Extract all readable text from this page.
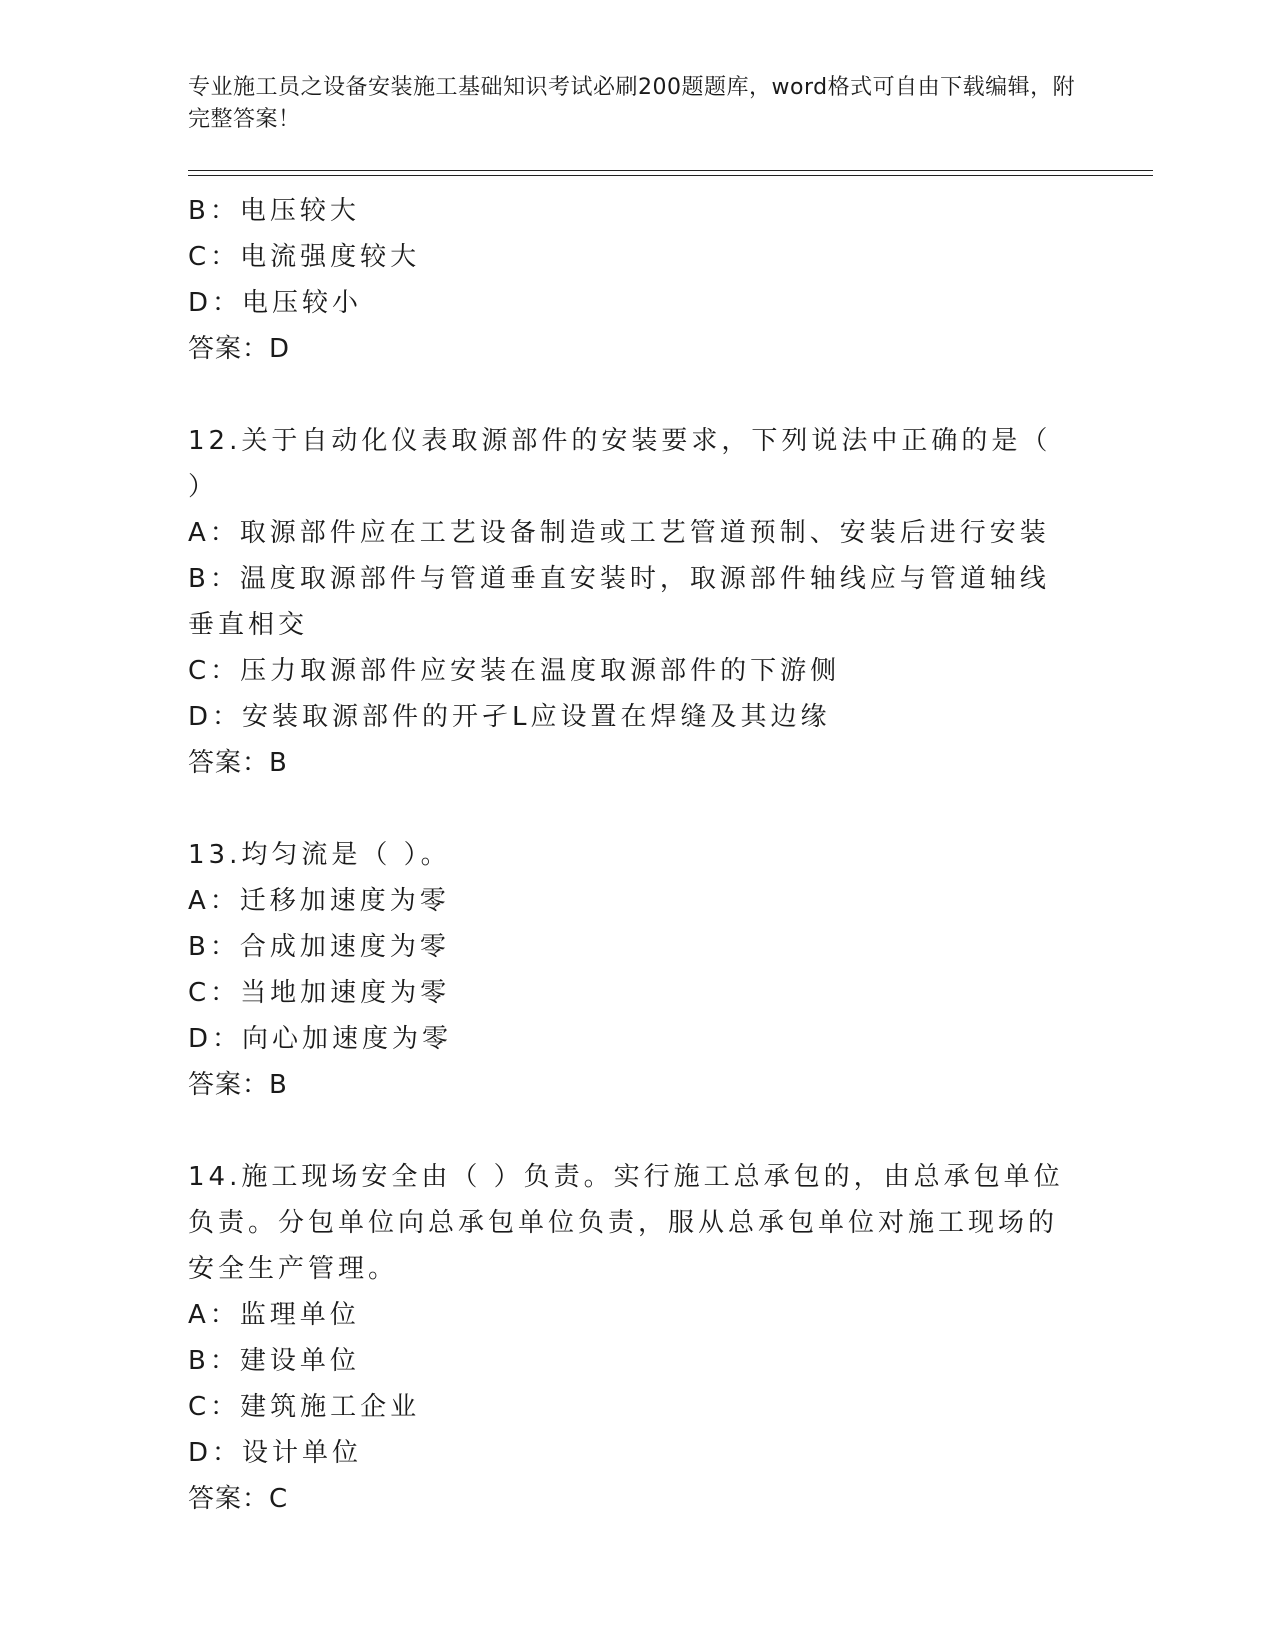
专业施工员之设备安装施工基础知识考试必刷200题题库，word格式可自由下载编辑，附完整答案！
B：电压较大
C：电流强度较大
D：电压较小
答案：D
12.关于自动化仪表取源部件的安装要求，下列说法中正确的是（ ）
A：取源部件应在工艺设备制造或工艺管道预制、安装后进行安装
B：温度取源部件与管道垂直安装时，取源部件轴线应与管道轴线垂直相交
C：压力取源部件应安装在温度取源部件的下游侧
D：安装取源部件的开孑L应设置在焊缝及其边缘
答案：B
13.均匀流是（ ）。
A：迁移加速度为零
B：合成加速度为零
C：当地加速度为零
D：向心加速度为零
答案：B
14.施工现场安全由（ ）负责。实行施工总承包的，由总承包单位负责。分包单位向总承包单位负责，服从总承包单位对施工现场的安全生产管理。
A：监理单位
B：建设单位
C：建筑施工企业
D：设计单位
答案：C
